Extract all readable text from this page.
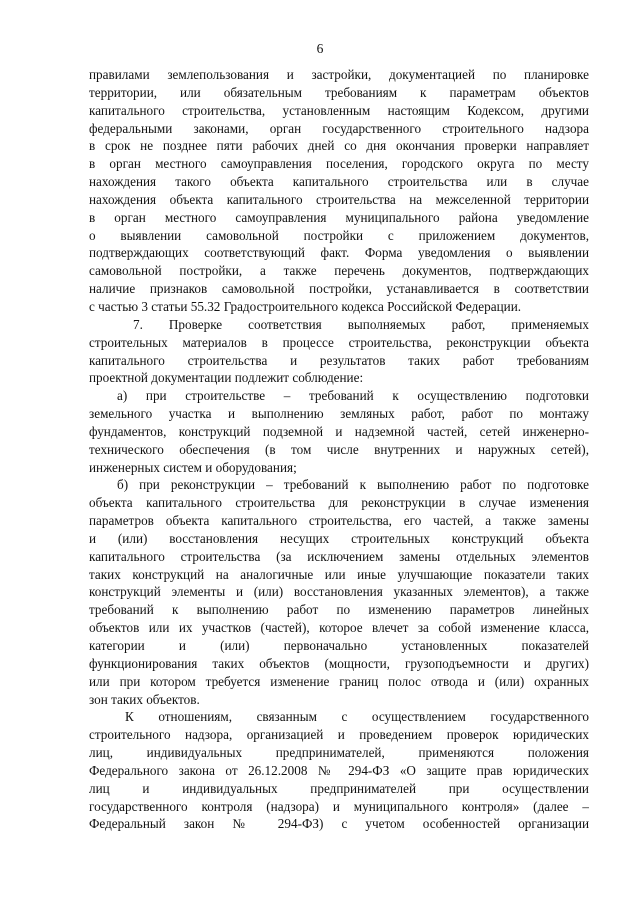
6
правилами землепользования и застройки, документацией по планировке
территории, или обязательным требованиям к параметрам объектов
капитального строительства, установленным настоящим Кодексом, другими
федеральными законами, орган государственного строительного надзора
в срок не позднее пяти рабочих дней со дня окончания проверки направляет
в орган местного самоуправления поселения, городского округа по месту
нахождения такого объекта капитального строительства или в случае
нахождения объекта капитального строительства на межселенной территории
в орган местного самоуправления муниципального района уведомление
о выявлении самовольной постройки с приложением документов,
подтверждающих соответствующий факт. Форма уведомления о выявлении
самовольной постройки, а также перечень документов, подтверждающих
наличие признаков самовольной постройки, устанавливается в соответствии
с частью 3 статьи 55.32 Градостроительного кодекса Российской Федерации.
7. Проверке соответствия выполняемых работ, применяемых
строительных материалов в процессе строительства, реконструкции объекта
капитального строительства и результатов таких работ требованиям
проектной документации подлежит соблюдение:
а) при строительстве – требований к осуществлению подготовки
земельного участка и выполнению земляных работ, работ по монтажу
фундаментов, конструкций подземной и надземной частей, сетей инженерно-
технического обеспечения (в том числе внутренних и наружных сетей),
инженерных систем и оборудования;
б) при реконструкции – требований к выполнению работ по подготовке
объекта капитального строительства для реконструкции в случае изменения
параметров объекта капитального строительства, его частей, а также замены
и (или) восстановления несущих строительных конструкций объекта
капитального строительства (за исключением замены отдельных элементов
таких конструкций на аналогичные или иные улучшающие показатели таких
конструкций элементы и (или) восстановления указанных элементов), а также
требований к выполнению работ по изменению параметров линейных
объектов или их участков (частей), которое влечет за собой изменение класса,
категории и (или) первоначально установленных показателей
функционирования таких объектов (мощности, грузоподъемности и других)
или при котором требуется изменение границ полос отвода и (или) охранных
зон таких объектов.
К отношениям, связанным с осуществлением государственного
строительного надзора, организацией и проведением проверок юридических
лиц, индивидуальных предпринимателей, применяются положения
Федерального закона от 26.12.2008 № 294-ФЗ «О защите прав юридических
лиц и индивидуальных предпринимателей при осуществлении
государственного контроля (надзора) и муниципального контроля» (далее –
Федеральный закон № 294-ФЗ) с учетом особенностей организации
